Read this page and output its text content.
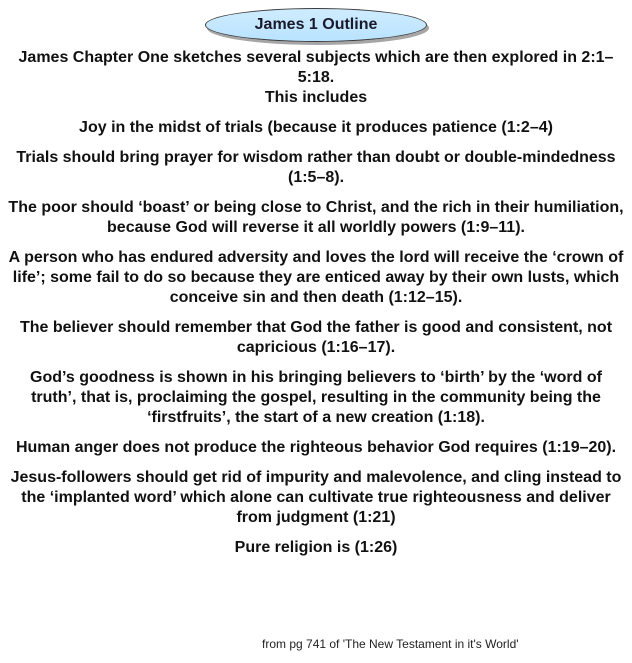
James 1 Outline

James Chapter One sketches several subjects which are then explored in 2:1–5:18.

This includes

Joy in the midst of trials (because it produces patience (1:2–4)

Trials should bring prayer for wisdom rather than doubt or double-mindedness (1:5–8).

The poor should ‘boast’ or being close to Christ, and the rich in their humiliation, because God will reverse it all worldly powers (1:9–11).

A person who has endured adversity and loves the lord will receive the ‘crown of life’; some fail to do so because they are enticed away by their own lusts, which conceive sin and then death (1:12–15).

The believer should remember that God the father is good and consistent, not capricious (1:16–17).

God’s goodness is shown in his bringing believers to ‘birth’ by the ‘word of truth’, that is, proclaiming the gospel, resulting in the community being the ‘firstfruits’, the start of a new creation (1:18).

Human anger does not produce the righteous behavior God requires (1:19–20).

Jesus-followers should get rid of impurity and malevolence, and cling instead to the ‘implanted word’ which alone can cultivate true righteousness and deliver from judgment (1:21)

Pure religion is (1:26)

from pg 741 of 'The New Testament in it's World'
